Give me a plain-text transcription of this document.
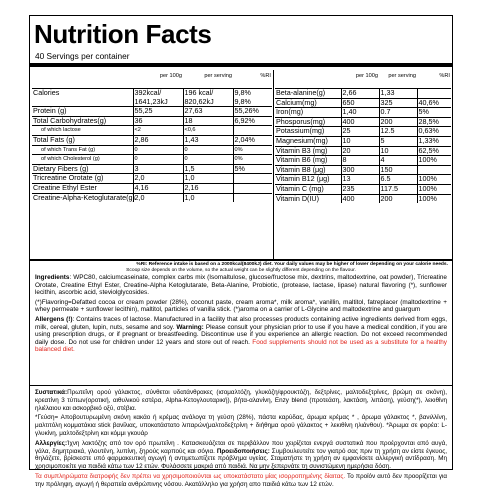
Nutrition Facts
40 Servings per container
	per 100g	per serving	%RI

Calories	392kcal/	196 kcal/	9,8%
	1641,23kJ	820,62kJ	9,8%
Protein (g)	55,25	27,63	55,26%
Total Carbohydrates(g)	36	18	6,92%
of which lactose	<2	<0,6	
Total Fats (g)	2,86	1,43	2,04%
of which Trans Fat (g)	0	0	0%
of which Cholesterol (g)	0	0	0%
Dietary Fibers (g)	3	1,5	5%
Tricreatine Orotate (g)	2,0	1,0	
Creatine Ethyl Ester	4,16	2,16	
Creatine-Alpha-Ketoglutarate(g)	2,0	1,0	
	per 100g	per serving	%RI

Beta-alanine(g)	2,66	1,33	
Calcium(mg)	650	325	40,6%
Iron(mg)	1,40	0.7	5%
Phosporus(mg)	400	200	28,5%
Potassium(mg)	25	12.5	0,63%
Magnesium(mg)	10	5	1,33%
Vitamin B3 (mg)	20	10	62,5%
Vitamin B6 (mg)	8	4	100%
Vitamin B8 (μg)	300	150	
Vitamin B12 (μg)	13	6.5	100%
Vitamin C (mg)	235	117.5	100%
Vitamin D(IU)	400	200	100%
%RI: Reference intake is based on a 2000kcal(8400kJ) diet. Your daily values may be higher of lower depending on your calorie needs.
Scoop size depends on the volume, so the actual weight can be slightly different depending on the flavour.
Ingredients: WPC80, calciumcaseinate, complex carbs mix (Isomaltulose, glucose/fructose mix, dextrins, maltodextrine, oat powder), Tricreatine Orotate, Creatine Ethyl Ester, Creatine-Alpha Ketoglutarate, Beta-Alanine, Probiotic, (protease, lactase, lipase) natural flavoring (*), sunflower lecithin, ascorbic acid, steviolglycosides.
(*)Flavoring=Defatted cocoa or cream powder (28%), coconut paste, cream aroma*, milk aroma*, vanillin, maltitol, fatreplacer (maltodextrine + whey permeate + sunflower lecithin), maltitol, particles of vanilla stick. (*)aroma on a carrier of L-Glycine and maltodextrine and guargum
Allergens (!): Contains traces of lactose. Manufactured in a facility that also processes products containing active ingredients derived from eggs, milk, cereal, gluten, lupin, nuts, sesame and soy. Warning: Please consult your physician prior to use if you have a medical condition, if you are using prescription drugs, or if pregnant or breastfeeding. Discontinue use if you experience an allergic reaction. Do not exceed recommended daily dose. Do not use for children under 12 years and store out of reach. Food supplements should not be used as a substitute for a healthy balanced diet.
Συστατικά:Πρωτεΐνη ορού γάλακτος, σύνθετοι υδατάνθρακες (ισομαλτόζη, γλυκόζη/φρουκτόζη, δεξτρίνες, μαλτοδεξτρίνες, βρώμη σε σκόνη), κρεατίνη 3 τύπων(οροτική, αιθυλικού εστέρα, Alpha-Κετογλουταρική), βήτα-αλανίνη, Enzy blend (προτεάση, λακτάση, λιπάση), γεύση(*), λεκιθίνη ηλιέλαιου και ασκορβικό οξύ, στέβια.
*Γεύση= Αποβουτυρωμένη σκόνη κακάο ή κρέμας ανάλογα τη γεύση (28%), πάστα καρύδας, άρωμα κρέμας * , άρωμα γάλακτος *, βανιλλίνη, μαλτιτόλη κομματάκια stick βανίλιας, υποκατάστατο λιπαρών(μαλτοδεξτρίνη + διήθημα ορού γάλακτος + λεκιθίνη ηλιάνθου). *Άρωμα σε φορέα: L-γλυκίνη, μαλτοδεξτρίνη και κόμμι γκουάρ
Αλλεργίες:Ίχνη λακτόζης από τον ορό πρωτεΐνη . Κατασκευάζεται σε περιβάλλον που χειρίζεται ενεργά συστατικά που προέρχονται από αυγά, γάλα, δημητριακά, γλουτένη, λυπίνη, ξηρούς καρπούς και σόγια. Προειδοποιήσεις: Συμβουλευτείτε τον γιατρό σας πριν τη χρήση αν είστε έγκυος, θηλάζετε, βρίσκεστε υπό φαρμακευτική αγωγή ή αντιμετωπίζετε πρόβλημα υγείας. Σταματήστε τη χρήση αν εμφανίσετε αλλεργική αντίδραση. Μη χρησιμοποιείτε για παιδιά κάτω των 12 ετών. Φυλάσσετε μακριά από παιδιά. Να μην ξεπερνάτε τη συνιστώμενη ημερήσια δόση.
Τα συμπληρώματα διατροφής δεν πρέπει να χρησιμοποιούνται ως υποκατάστατο μίας ισορροπημένης δίαιτας. Το προϊόν αυτό δεν προορίζεται για την πρόληψη, αγωγή ή θεραπεία ανθρώπινης νόσου. Ακατάλληλο για χρήση απο παιδιά κάτω των 12 ετών.
